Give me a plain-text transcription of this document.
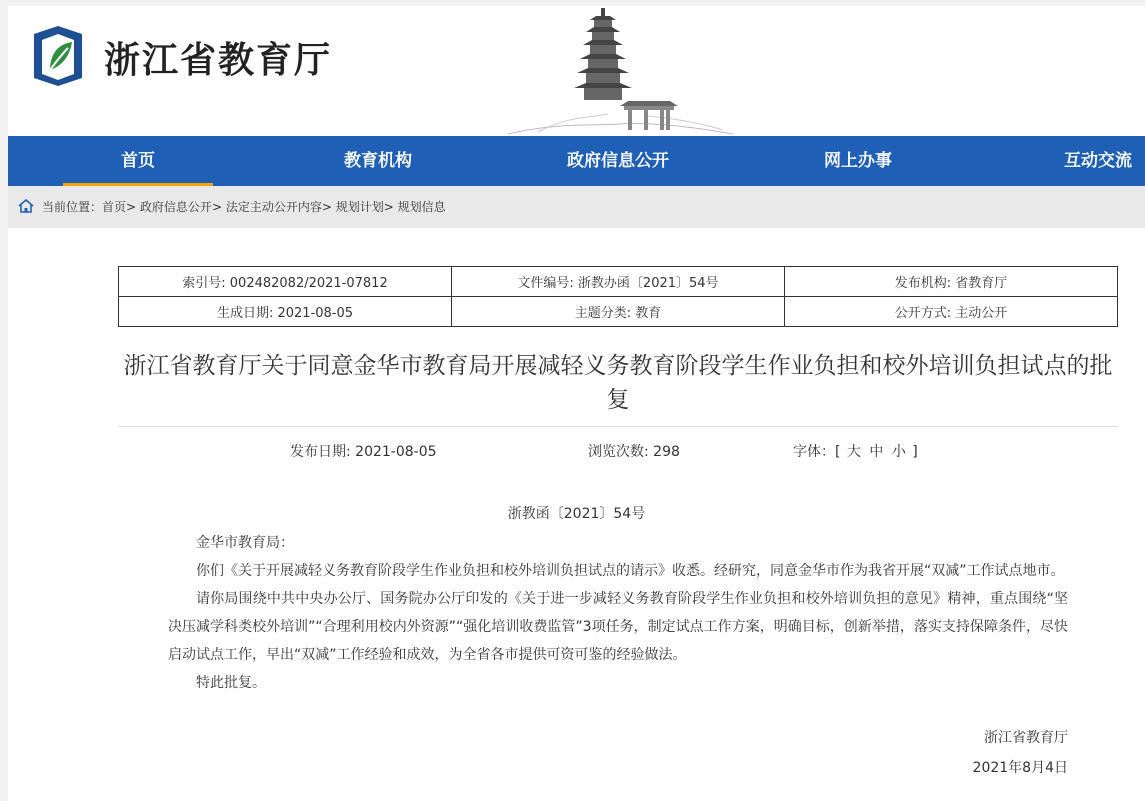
浙江省教育厅
首页	教育机构	政府信息公开	网上办事	互动交流
当前位置：首页> 政府信息公开> 法定主动公开内容> 规划计划> 规划信息
索引号: 002482082/2021-07812	文件编号: 浙教办函〔2021〕54号	发布机构: 省教育厅
生成日期: 2021-08-05	主题分类: 教育	公开方式: 主动公开
浙江省教育厅关于同意金华市教育局开展减轻义务教育阶段学生作业负担和校外培训负担试点的批复
发布日期: 2021-08-05	浏览次数: 298	字体：[ 大 中 小 ]
浙教函〔2021〕54号

金华市教育局：

你们《关于开展减轻义务教育阶段学生作业负担和校外培训负担试点的请示》收悉。经研究，同意金华市作为我省开展“双减”工作试点地市。

请你局围绕中共中央办公厅、国务院办公厅印发的《关于进一步减轻义务教育阶段学生作业负担和校外培训负担的意见》精神，重点围绕“坚决压减学科类校外培训”“合理利用校内外资源”“强化培训收费监管”3项任务，制定试点工作方案，明确目标，创新举措，落实支持保障条件，尽快启动试点工作，早出“双减”工作经验和成效，为全省各市提供可资可鉴的经验做法。

特此批复。

浙江省教育厅
2021年8月4日
